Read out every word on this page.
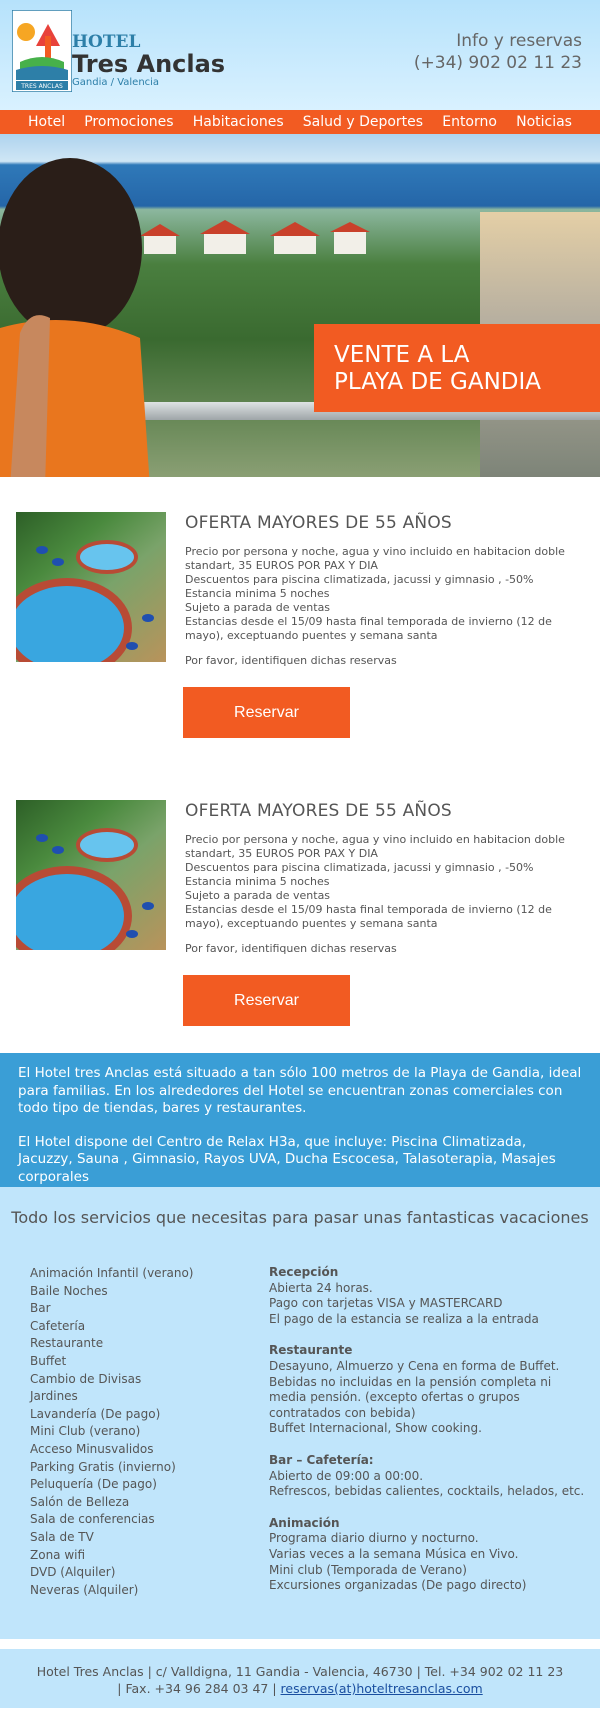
TRES ANCLAS
HOTEL
Tres Anclas
Gandia / Valencia
Info y reservas
(+34) 902 02 11 23
Hotel Promociones Habitaciones Salud y Deportes Entorno Noticias
VENTE A LA
PLAYA DE GANDIA
OFERTA MAYORES DE 55 AÑOS

Precio por persona y noche, agua y vino incluido en habitacion doble standart, 35 EUROS POR PAX Y DIA

Descuentos para piscina climatizada, jacussi y gimnasio , -50%

Estancia minima 5 noches

Sujeto a parada de ventas

Estancias desde el 15/09 hasta final temporada de invierno (12 de mayo), exceptuando puentes y semana santa

Por favor, identifiquen dichas reservas
Reservar
OFERTA MAYORES DE 55 AÑOS

Precio por persona y noche, agua y vino incluido en habitacion doble standart, 35 EUROS POR PAX Y DIA

Descuentos para piscina climatizada, jacussi y gimnasio , -50%

Estancia minima 5 noches

Sujeto a parada de ventas

Estancias desde el 15/09 hasta final temporada de invierno (12 de mayo), exceptuando puentes y semana santa

Por favor, identifiquen dichas reservas
Reservar

El Hotel tres Anclas está situado a tan sólo 100 metros de la Playa de Gandia, ideal para familias. En los alrededores del Hotel se encuentran zonas comerciales con todo tipo de tiendas, bares y restaurantes.

El Hotel dispone del Centro de Relax H3a, que incluye: Piscina Climatizada, Jacuzzy, Sauna , Gimnasio, Rayos UVA, Ducha Escocesa, Talasoterapia, Masajes corporales

Todo los servicios que necesitas para pasar unas fantasticas vacaciones
Animación Infantil (verano)
Baile Noches
Bar
Cafetería
Restaurante
Buffet
Cambio de Divisas
Jardines
Lavandería (De pago)
Mini Club (verano)
Acceso Minusvalidos
Parking Gratis (invierno)
Peluquería (De pago)
Salón de Belleza
Sala de conferencias
Sala de TV
Zona wifi
DVD (Alquiler)
Neveras (Alquiler)
Recepción

Abierta 24 horas.

Pago con tarjetas VISA y MASTERCARD

El pago de la estancia se realiza a la entrada

Restaurante

Desayuno, Almuerzo y Cena en forma de Buffet.

Bebidas no incluidas en la pensión completa ni media pensión. (excepto ofertas o grupos contratados con bebida)

Buffet Internacional, Show cooking.

Bar – Cafetería:

Abierto de 09:00 a 00:00.

Refrescos, bebidas calientes, cocktails, helados, etc.

Animación

Programa diario diurno y nocturno.

Varias veces a la semana Música en Vivo.

Mini club (Temporada de Verano)

Excursiones organizadas (De pago directo)

Hotel Tres Anclas | c/ Valldigna, 11 Gandia - Valencia, 46730 | Tel. +34 902 02 11 23
| Fax. +34 96 284 03 47 | reservas(at)hoteltresanclas.com
